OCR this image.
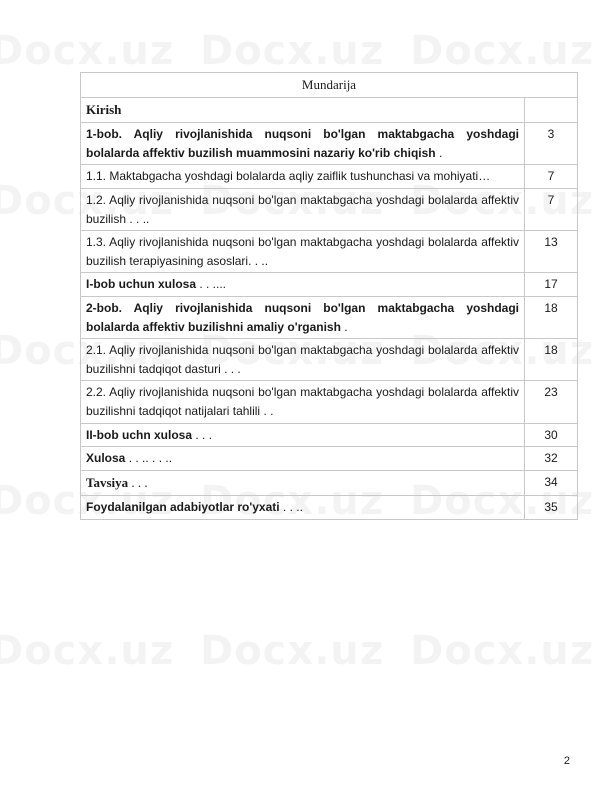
Mundarija	
Kirish	
1-bob. Aqliy rivojlanishida nuqsoni bo'lgan maktabgacha yoshdagi bolalarda affektiv buzilish muammosini nazariy ko'rib chiqish .	3
1.1. Maktabgacha yoshdagi bolalarda aqliy zaiflik tushunchasi va mohiyati…	7
1.2. Aqliy rivojlanishida nuqsoni bo'lgan maktabgacha yoshdagi bolalarda affektiv buzilish . . ..	7
1.3. Aqliy rivojlanishida nuqsoni bo'lgan maktabgacha yoshdagi bolalarda affektiv buzilish terapiyasining asoslari. . ..	13
I-bob uchun xulosa . . ....	17
2-bob. Aqliy rivojlanishida nuqsoni bo'lgan maktabgacha yoshdagi bolalarda affektiv buzilishni amaliy o'rganish .	18
2.1. Aqliy rivojlanishida nuqsoni bo'lgan maktabgacha yoshdagi bolalarda affektiv buzilishni tadqiqot dasturi . . .	18
2.2. Aqliy rivojlanishida nuqsoni bo'lgan maktabgacha yoshdagi bolalarda affektiv buzilishni tadqiqot natijalari tahlili . .	23
II-bob uchn xulosa . . .	30
Xulosa . . .. . . ..	32
Tavsiya . . .	34
Foydalanilgan adabiyotlar ro'yxati . . ..	35
2
